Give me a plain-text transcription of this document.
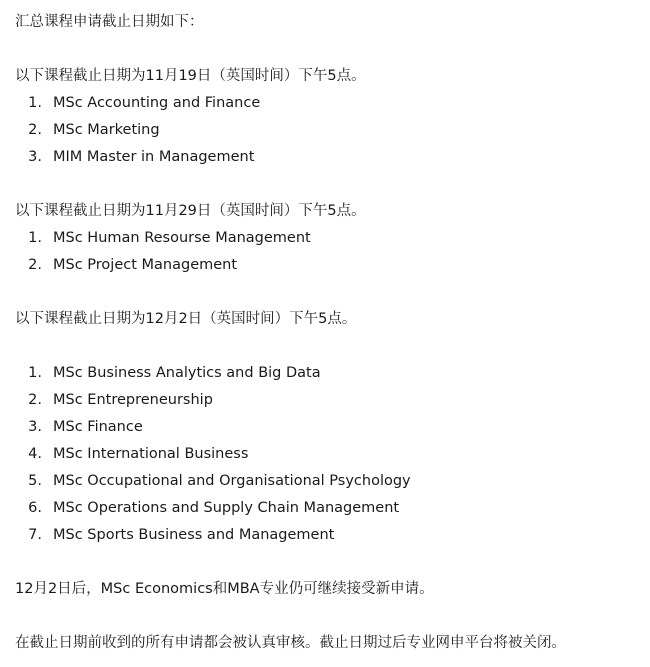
汇总课程申请截止日期如下：
以下课程截止日期为11月19日（英国时间）下午5点。
1. MSc Accounting and Finance
2. MSc Marketing
3. MIM Master in Management
以下课程截止日期为11月29日（英国时间）下午5点。
1. MSc Human Resourse Management
2. MSc Project Management
以下课程截止日期为12月2日（英国时间）下午5点。
1. MSc Business Analytics and Big Data
2. MSc Entrepreneurship
3. MSc Finance
4. MSc International Business
5. MSc Occupational and Organisational Psychology
6. MSc Operations and Supply Chain Management
7. MSc Sports Business and Management
12月2日后，MSc Economics和MBA专业仍可继续接受新申请。
在截止日期前收到的所有申请都会被认真审核。截止日期过后专业网申平台将被关闭。
